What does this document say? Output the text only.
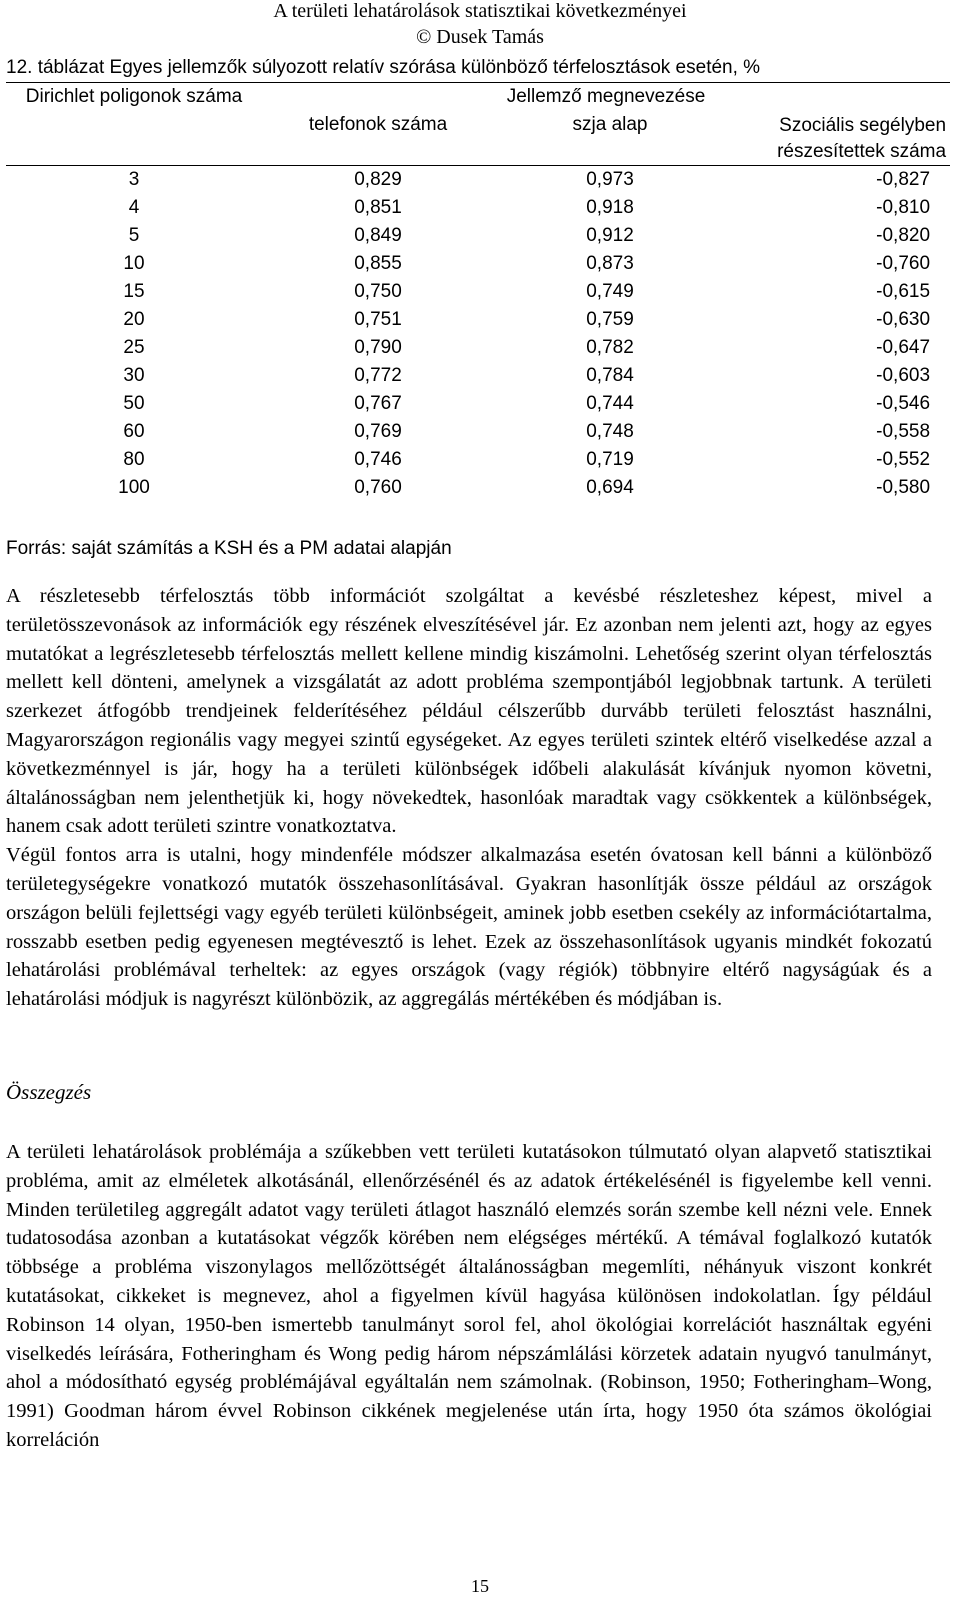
A területi lehatárolások statisztikai következményei
© Dusek Tamás
12. táblázat Egyes jellemzők súlyozott relatív szórása különböző térfelosztások esetén, %
Dirichlet poligonok száma	Jellemző megnevezése		
	telefonok száma	szja alap	Szociális segélyben
részesítettek száma

3	0,829	0,973	-0,827
4	0,851	0,918	-0,810
5	0,849	0,912	-0,820
10	0,855	0,873	-0,760
15	0,750	0,749	-0,615
20	0,751	0,759	-0,630
25	0,790	0,782	-0,647
30	0,772	0,784	-0,603
50	0,767	0,744	-0,546
60	0,769	0,748	-0,558
80	0,746	0,719	-0,552
100	0,760	0,694	-0,580
Forrás: saját számítás a KSH és a PM adatai alapján

A részletesebb térfelosztás több információt szolgáltat a kevésbé részleteshez képest, mivel a területösszevonások az információk egy részének elveszítésével jár. Ez azonban nem jelenti azt, hogy az egyes mutatókat a legrészletesebb térfelosztás mellett kellene mindig kiszámolni. Lehetőség szerint olyan térfelosztás mellett kell dönteni, amelynek a vizsgálatát az adott probléma szempontjából legjobbnak tartunk. A területi szerkezet átfogóbb trendjeinek felderítéséhez például célszerűbb durvább területi felosztást használni, Magyarországon regionális vagy megyei szintű egységeket. Az egyes területi szintek eltérő viselkedése azzal a következménnyel is jár, hogy ha a területi különbségek időbeli alakulását kívánjuk nyomon követni, általánosságban nem jelenthetjük ki, hogy növekedtek, hasonlóak maradtak vagy csökkentek a különbségek, hanem csak adott területi szintre vonatkoztatva.

Végül fontos arra is utalni, hogy mindenféle módszer alkalmazása esetén óvatosan kell bánni a különböző területegységekre vonatkozó mutatók összehasonlításával. Gyakran hasonlítják össze például az országok országon belüli fejlettségi vagy egyéb területi különbségeit, aminek jobb esetben csekély az információtartalma, rosszabb esetben pedig egyenesen megtévesztő is lehet. Ezek az összehasonlítások ugyanis mindkét fokozatú lehatárolási problémával terheltek: az egyes országok (vagy régiók) többnyire eltérő nagyságúak és a lehatárolási módjuk is nagyrészt különbözik, az aggregálás mértékében és módjában is.

Összegzés

A területi lehatárolások problémája a szűkebben vett területi kutatásokon túlmutató olyan alapvető statisztikai probléma, amit az elméletek alkotásánál, ellenőrzésénél és az adatok értékelésénél is figyelembe kell venni. Minden területileg aggregált adatot vagy területi átlagot használó elemzés során szembe kell nézni vele. Ennek tudatosodása azonban a kutatásokat végzők körében nem elégséges mértékű. A témával foglalkozó kutatók többsége a probléma viszonylagos mellőzöttségét általánosságban megemlíti, néhányuk viszont konkrét kutatásokat, cikkeket is megnevez, ahol a figyelmen kívül hagyása különösen indokolatlan. Így például Robinson 14 olyan, 1950-ben ismertebb tanulmányt sorol fel, ahol ökológiai korrelációt használtak egyéni viselkedés leírására, Fotheringham és Wong pedig három népszámlálási körzetek adatain nyugvó tanulmányt, ahol a módosítható egység problémájával egyáltalán nem számolnak. (Robinson, 1950; Fotheringham–Wong, 1991) Goodman három évvel Robinson cikkének megjelenése után írta, hogy 1950 óta számos ökológiai korreláción

15
